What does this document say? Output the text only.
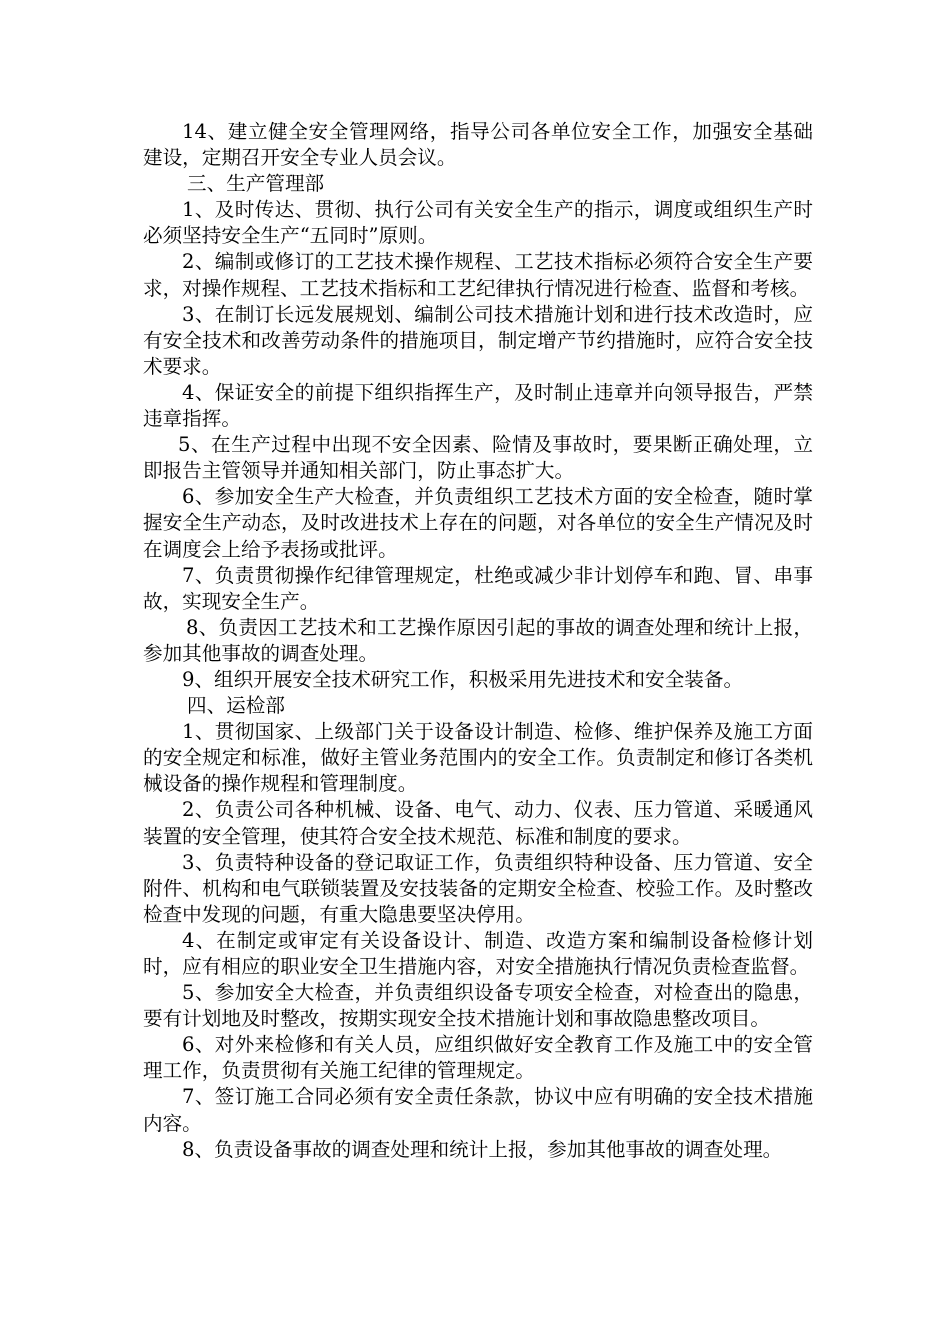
14、建立健全安全管理网络，指导公司各单位安全工作，加强安全基础建设，定期召开安全专业人员会议。

三、生产管理部

1、及时传达、贯彻、执行公司有关安全生产的指示，调度或组织生产时必须坚持安全生产“五同时”原则。

2、编制或修订的工艺技术操作规程、工艺技术指标必须符合安全生产要求，对操作规程、工艺技术指标和工艺纪律执行情况进行检查、监督和考核。

3、在制订长远发展规划、编制公司技术措施计划和进行技术改造时，应有安全技术和改善劳动条件的措施项目，制定增产节约措施时，应符合安全技术要求。

4、保证安全的前提下组织指挥生产，及时制止违章并向领导报告，严禁违章指挥。

5、在生产过程中出现不安全因素、险情及事故时，要果断正确处理，立即报告主管领导并通知相关部门，防止事态扩大。

6、参加安全生产大检查，并负责组织工艺技术方面的安全检查，随时掌握安全生产动态，及时改进技术上存在的问题，对各单位的安全生产情况及时在调度会上给予表扬或批评。

7、负责贯彻操作纪律管理规定，杜绝或减少非计划停车和跑、冒、串事故，实现安全生产。

8、负责因工艺技术和工艺操作原因引起的事故的调查处理和统计上报，参加其他事故的调查处理。

9、组织开展安全技术研究工作，积极采用先进技术和安全装备。

四、运检部

1、贯彻国家、上级部门关于设备设计制造、检修、维护保养及施工方面的安全规定和标准，做好主管业务范围内的安全工作。负责制定和修订各类机械设备的操作规程和管理制度。

2、负责公司各种机械、设备、电气、动力、仪表、压力管道、采暖通风装置的安全管理，使其符合安全技术规范、标准和制度的要求。

3、负责特种设备的登记取证工作，负责组织特种设备、压力管道、安全附件、机构和电气联锁装置及安技装备的定期安全检查、校验工作。及时整改检查中发现的问题，有重大隐患要坚决停用。

4、在制定或审定有关设备设计、制造、改造方案和编制设备检修计划时，应有相应的职业安全卫生措施内容，对安全措施执行情况负责检查监督。

5、参加安全大检查，并负责组织设备专项安全检查，对检查出的隐患，要有计划地及时整改，按期实现安全技术措施计划和事故隐患整改项目。

6、对外来检修和有关人员，应组织做好安全教育工作及施工中的安全管理工作，负责贯彻有关施工纪律的管理规定。

7、签订施工合同必须有安全责任条款，协议中应有明确的安全技术措施内容。

8、负责设备事故的调查处理和统计上报，参加其他事故的调查处理。
